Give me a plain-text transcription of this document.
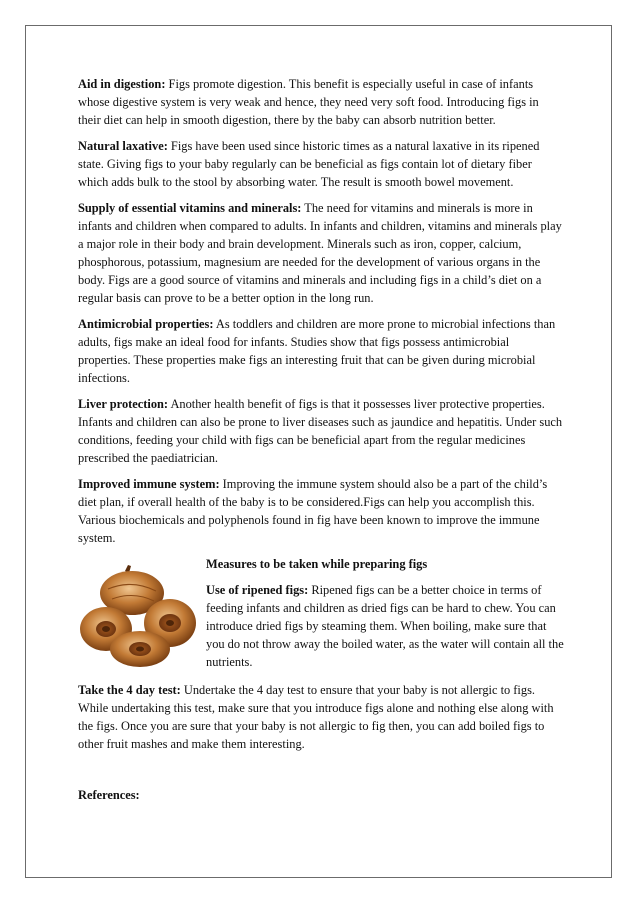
Aid in digestion: Figs promote digestion. This benefit is especially useful in case of infants whose digestive system is very weak and hence, they need very soft food. Introducing figs in their diet can help in smooth digestion, there by the baby can absorb nutrition better.

Natural laxative: Figs have been used since historic times as a natural laxative in its ripened state. Giving figs to your baby regularly can be beneficial as figs contain lot of dietary fiber which adds bulk to the stool by absorbing water. The result is smooth bowel movement.

Supply of essential vitamins and minerals: The need for vitamins and minerals is more in infants and children when compared to adults. In infants and children, vitamins and minerals play a major role in their body and brain development. Minerals such as iron, copper, calcium, phosphorous, potassium, magnesium are needed for the development of various organs in the body. Figs are a good source of vitamins and minerals and including figs in a child’s diet on a regular basis can prove to be a better option in the long run.

Antimicrobial properties: As toddlers and children are more prone to microbial infections than adults, figs make an ideal food for infants. Studies show that figs possess antimicrobial properties. These properties make figs an interesting fruit that can be given during microbial infections.

Liver protection: Another health benefit of figs is that it possesses liver protective properties. Infants and children can also be prone to liver diseases such as jaundice and hepatitis. Under such conditions, feeding your child with figs can be beneficial apart from the regular medicines prescribed the paediatrician.

Improved immune system: Improving the immune system should also be a part of the child’s diet plan, if overall health of the baby is to be considered.Figs can help you accomplish this. Various biochemicals and polyphenols found in fig have been known to improve the immune system.

Measures to be taken while preparing figs

Use of ripened figs: Ripened figs can be a better choice in terms of feeding infants and children as dried figs can be hard to chew. You can introduce dried figs by steaming them. When boiling, make sure that you do not throw away the boiled water, as the water will contain all the nutrients.

Take the 4 day test: Undertake the 4 day test to ensure that your baby is not allergic to figs. While undertaking this test, make sure that you introduce figs alone and nothing else along with the figs. Once you are sure that your baby is not allergic to fig then, you can add boiled figs to other fruit mashes and make them interesting.

References:
